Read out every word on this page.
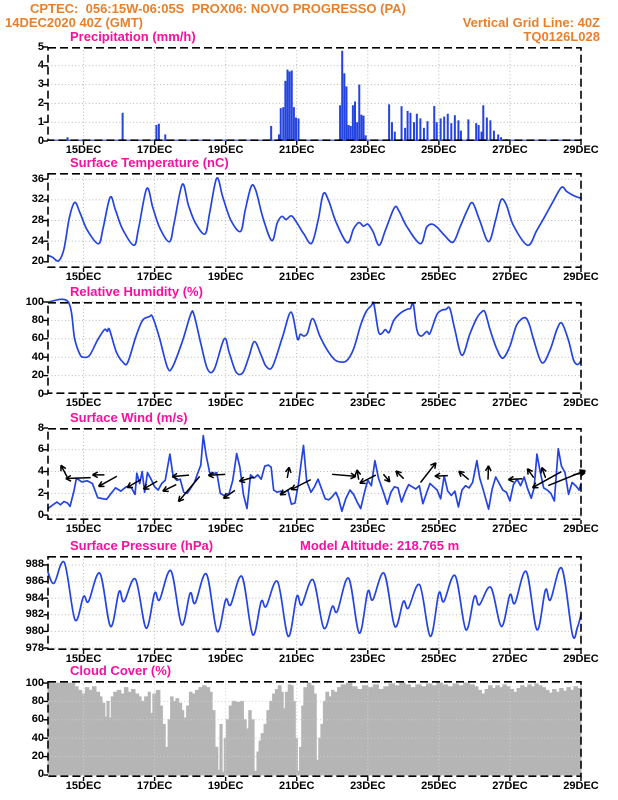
CPTEC:  056:15W-06:05S  PROX06: NOVO PROGRESSO (PA)
14DEC2020 40Z (GMT)	Vertical Grid Line: 40Z
TQ0126L028
Precipitation (mm/h)
Surface Temperature (nC)
Relative Humidity (%)
Surface Wind (m/s)
Surface Pressure (hPa)	Model Altitude: 218.765 m
Cloud Cover (%)
0
1
2
3
4
5
15DEC	17DEC	19DEC	21DEC	23DEC	25DEC	27DEC	29DEC
20
24
28
32
36
15DEC	17DEC	19DEC	21DEC	23DEC	25DEC	27DEC	29DEC
0
20
40
60
80
100
15DEC	17DEC	19DEC	21DEC	23DEC	25DEC	27DEC	29DEC
0
2
4
6
8
15DEC	17DEC	19DEC	21DEC	23DEC	25DEC	27DEC	29DEC
978
980
982
984
986
988
15DEC	17DEC	19DEC	21DEC	23DEC	25DEC	27DEC	29DEC
0
20
40
60
80
100
15DEC	17DEC	19DEC	21DEC	23DEC	25DEC	27DEC	29DEC
